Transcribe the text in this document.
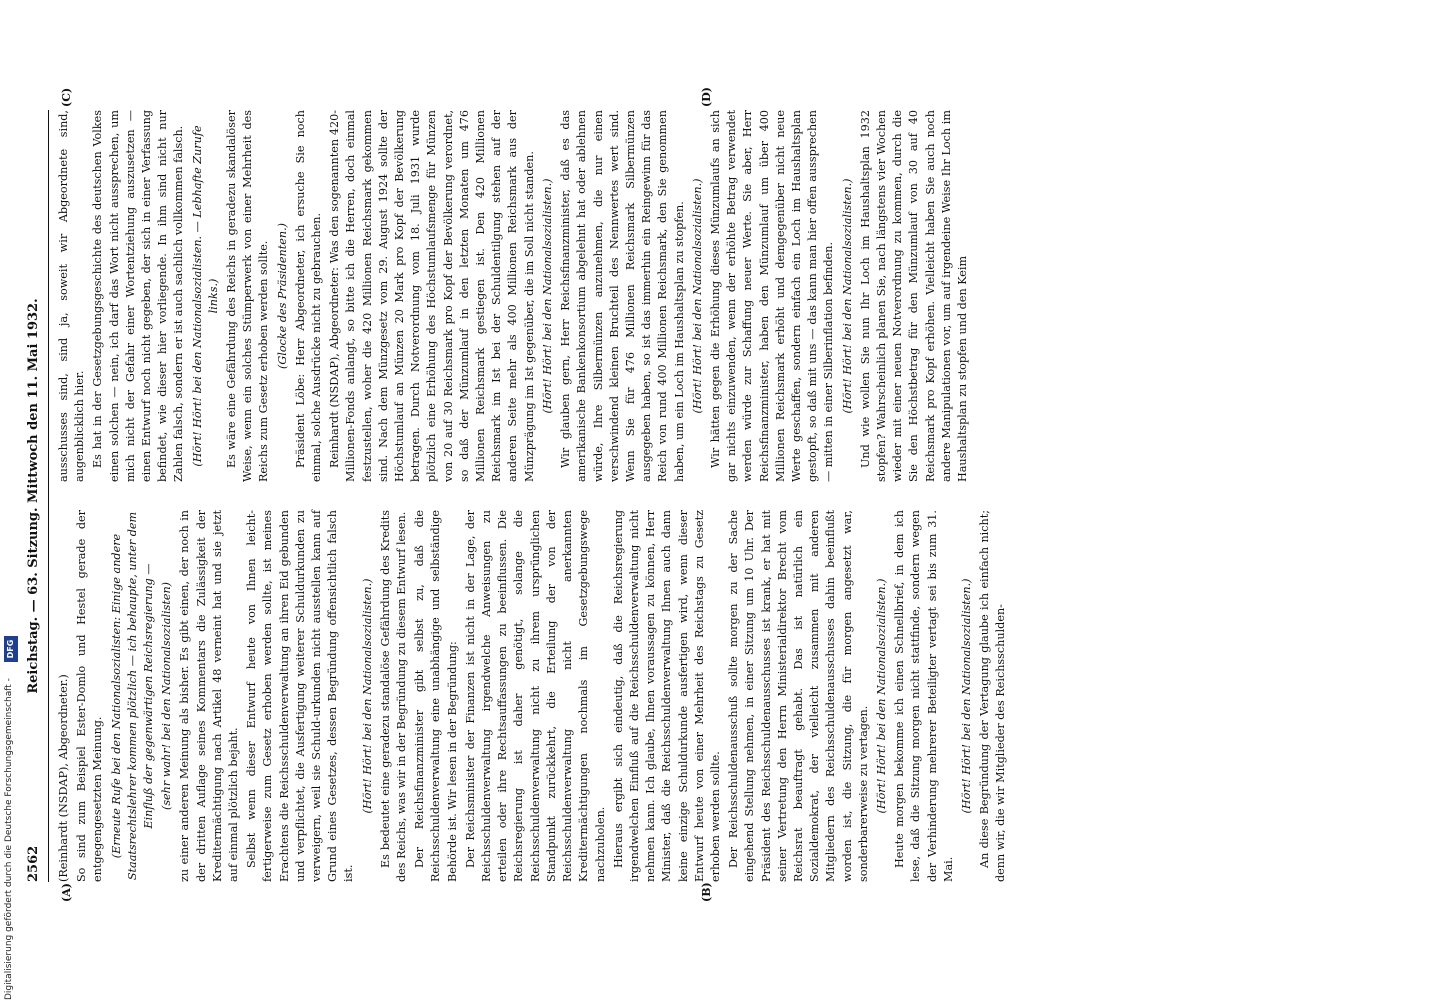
2562
Reichstag. — 63. Sitzung. Mittwoch den 11. Mai 1932.
(A)	(B)
(C)	(D)

(Reinhardt (NSDAP), Abgeordneter.) So sind zum Beispiel Ester-Domlo und Hestel gerade der entgegengesetzten Meinung. (Erneute Rufe bei den Nationalsozialisten: Einige andere Staatsrechtslehrer kommen plötzlich — ich behaupte, unter dem Einfluß der gegenwärtigen Reichsregierung — (sehr wahr! bei den Nationalsozialisten) zu einer anderen Meinung als bisher. Es gibt einen, der noch in der dritten Auflage seines Kommentars die Zulässigkeit der Kreditermächtigung nach Artikel 48 verneint hat und sie jetzt auf einmal plötzlich bejaht. Selbst wenn dieser Entwurf heute von Ihnen leicht-fertigerweise zum Gesetz erhoben werden sollte, ist meines Erachtens die Reichsschuldenverwaltung an ihren Eid gebunden und verpflichtet, die Ausfertigung weiterer Schuldurkunden zu verweigern, weil sie Schuld-urkunden nicht ausstellen kann auf Grund eines Gesetzes, dessen Begründung offensichtlich falsch ist.

(Hört! Hört! bei den Nationalsozialisten.) Es bedeutet eine geradezu standalöse Gefährdung des Kredits des Reichs, was wir in der Begründung zu diesem Entwurf lesen. Der Reichsfinanzminister gibt selbst zu, daß die Reichsschuldenverwaltung eine unabhängige und selbständige Behörde ist. Wir lesen in der Begründung: Der Reichsminister der Finanzen ist nicht in der Lage, der Reichsschuldenverwaltung irgendwelche Anweisungen zu erteilen oder ihre Rechtsauffassungen zu beeinflussen. Die Reichsregierung ist daher genötigt, solange die Reichsschuldenverwaltung nicht zu ihrem ursprünglichen Standpunkt zurückkehrt, die Erteilung der von der Reichsschuldenverwaltung nicht anerkannten Kreditermächtigungen nochmals im Gesetzgebungswege nachzuholen. Hieraus ergibt sich eindeutig, daß die Reichsregierung irgendwelchen Einfluß auf die Reichsschuldenverwaltung nicht nehmen kann. Ich glaube, Ihnen voraussagen zu können, Herr Minister, daß die Reichsschuldenverwaltung Ihnen auch dann keine einzige Schuldurkunde ausfertigen wird, wenn dieser Entwurf heute von einer Mehrheit des Reichstags zu Gesetz erhoben werden sollte. Der Reichsschuldenausschuß sollte morgen zu der Sache eingehend Stellung nehmen, in einer Sitzung um 10 Uhr. Der Präsident des Reichsschuldenausschusses ist krank, er hat mit seiner Vertretung den Herrn Ministerialdirektor Brecht vom Reichsrat beauftragt gehabt. Das ist natürlich ein Sozialdemokrat, der vielleicht zusammen mit anderen Mitgliedern des Reichsschuldenausschusses dahin beeinflußt worden ist, die Sitzung, die für morgen angesetzt war, sonderbarerweise zu vertagen. (Hört! Hört! bei den Nationalsozialisten.) Heute morgen bekomme ich einen Schnellbrief, in dem ich lese, daß die Sitzung morgen nicht stattfinde, sondern wegen der Verhinderung mehrerer Beteiligter vertagt sei bis zum 31. Mai.

(Hört! Hört! bei den Nationalsozialisten.) An diese Begründung der Vertagung glaube ich einfach nicht; denn wir, die wir Mitglieder des Reichsschulden-

ausschusses sind, sind ja, soweit wir Abgeordnete sind, augenblicklich hier. Es hat in der Gesetzgebungsgeschichte des deutschen Volkes einen solchen — nein, ich darf das Wort nicht aussprechen, um mich nicht der Gefahr einer Wortentziehung auszusetzen — einen Entwurf noch nicht gegeben, der sich in einer Verfassung befindet, wie dieser hier vorliegende. In ihm sind nicht nur Zahlen falsch, sondern er ist auch sachlich vollkommen falsch. (Hört! Hört! bei den Nationalsozialisten. — Lebhafte Zurufe links.) Es wäre eine Gefährdung des Reichs in geradezu skandalöser Weise, wenn ein solches Stümperwerk von einer Mehrheit des Reichs zum Gesetz erhoben werden sollte. (Glocke des Präsidenten.) Präsident Löbe: Herr Abgeordneter, ich ersuche Sie noch einmal, solche Ausdrücke nicht zu gebrauchen. Reinhardt (NSDAP), Abgeordneter: Was den sogenannten 420-Millionen-Fonds anlangt, so bitte ich die Herren, doch einmal festzustellen, woher die 420 Millionen Reichsmark gekommen sind. Nach dem Münzgesetz vom 29. August 1924 sollte der Höchstumlauf an Münzen 20 Mark pro Kopf der Bevölkerung betragen. Durch Notverordnung vom 18. Juli 1931 wurde plötzlich eine Erhöhung des Höchstumlaufsmenge für Münzen von 20 auf 30 Reichsmark pro Kopf der Bevölkerung verordnet, so daß der Münzumlauf in den letzten Monaten um 476 Millionen Reichsmark gestiegen ist. Den 420 Millionen Reichsmark im Ist bei der Schuldentilgung stehen auf der anderen Seite mehr als 400 Millionen Reichsmark aus der Münzprägung im Ist gegenüber, die im Soll nicht standen. (Hört! Hört! bei den Nationalsozialisten.) Wir glauben gern, Herr Reichsfinanzminister, daß es das amerikanische Bankenkonsortium abgelehnt hat oder ablehnen würde, Ihre Silbermünzen anzunehmen, die nur einen verschwindend kleinen Bruchteil des Nennwertes wert sind. Wenn Sie für 476 Millionen Reichsmark Silbermünzen ausgegeben haben, so ist das immerhin ein Reingewinn für das Reich von rund 400 Millionen Reichsmark, den Sie genommen haben, um ein Loch im Haushaltsplan zu stopfen. (Hört! Hört! bei den Nationalsozialisten.) Wir hätten gegen die Erhöhung dieses Münzumlaufs an sich gar nichts einzuwenden, wenn der erhöhte Betrag verwendet werden würde zur Schaffung neuer Werte. Sie aber, Herr Reichsfinanzminister, haben den Münzumlauf um über 400 Millionen Reichsmark erhöht und demgegenüber nicht neue Werte geschaffen, sondern einfach ein Loch im Haushaltsplan gestopft, so daß mit uns — das kann man hier offen aussprechen — mitten in einer Silberinflation befinden. (Hört! Hört! bei den Nationalsozialisten.) Und wie wollen Sie nun Ihr Loch im Haushaltsplan 1932 stopfen? Wahrscheinlich planen Sie, nach längstens vier Wochen wieder mit einer neuen Notverordnung zu kommen, durch die Sie den Höchstbetrag für den Münzumlauf von 30 auf 40 Reichsmark pro Kopf erhöhen. Vielleicht haben Sie auch noch andere Manipulationen vor, um auf irgendeine Weise Ihr Loch im Haushaltsplan zu stopfen und den Keim

Digitalisierung gefördert durch die Deutsche Forschungsgemeinschaft -
DFG
